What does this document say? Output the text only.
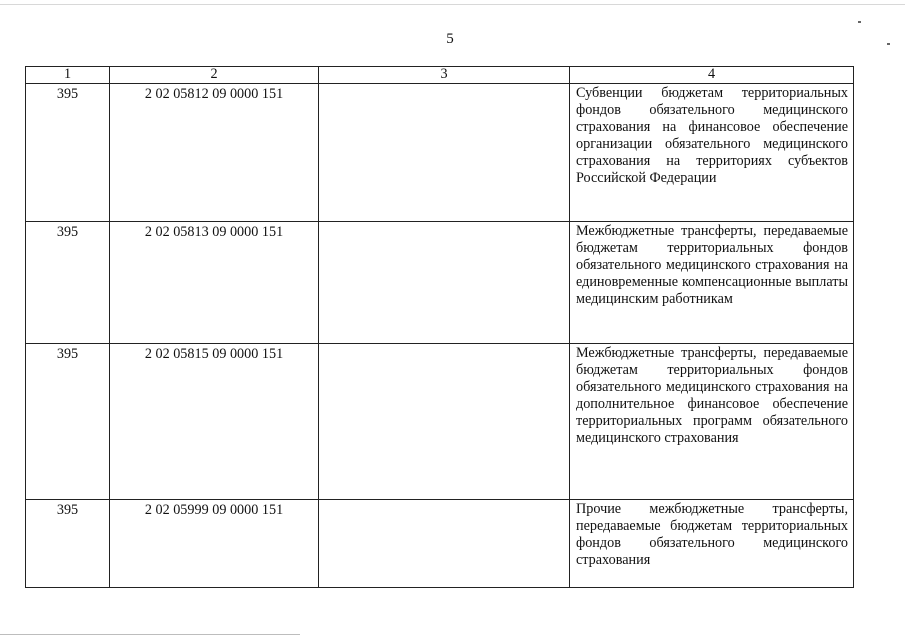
5
1	2	3	4
395	2 02 05812 09 0000 151		Субвенции бюджетам территориальных фондов обязательного медицинского страхования на финансовое обеспечение организации обязательного медицинского страхования на территориях субъектов Российской Федерации
395	2 02 05813 09 0000 151		Межбюджетные трансферты, передаваемые бюджетам территориальных фондов обязательного медицинского страхования на единовременные компенсационные выплаты медицинским работникам
395	2 02 05815 09 0000 151		Межбюджетные трансферты, передаваемые бюджетам территориальных фондов обязательного медицинского страхования на дополнительное финансовое обеспечение территориальных программ обязательного медицинского страхования
395	2 02 05999 09 0000 151		Прочие межбюджетные трансферты, передаваемые бюджетам территориальных фондов обязательного медицинского страхования
